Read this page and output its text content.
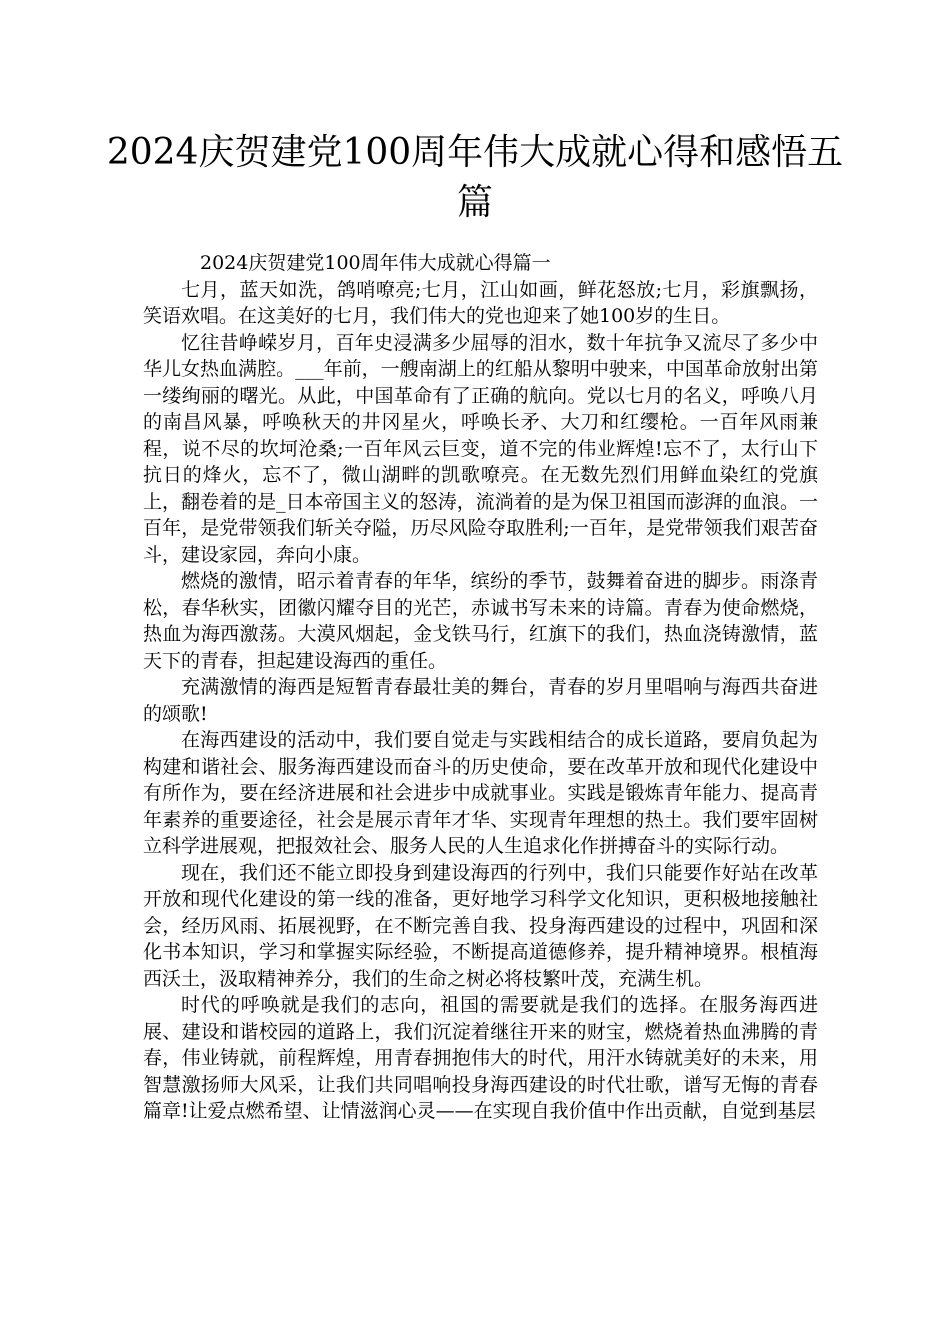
2024庆贺建党100周年伟大成就心得和感悟五篇

2024庆贺建党100周年伟大成就心得篇一

七月，蓝天如洗，鸽哨嘹亮;七月，江山如画，鲜花怒放;七月，彩旗飘扬，笑语欢唱。在这美好的七月，我们伟大的党也迎来了她100岁的生日。

忆往昔峥嵘岁月，百年史浸满多少屈辱的泪水，数十年抗争又流尽了多少中华儿女热血满腔。___年前，一艘南湖上的红船从黎明中驶来，中国革命放射出第一缕绚丽的曙光。从此，中国革命有了正确的航向。党以七月的名义，呼唤八月的南昌风暴，呼唤秋天的井冈星火，呼唤长矛、大刀和红缨枪。一百年风雨兼程，说不尽的坎坷沧桑;一百年风云巨变，道不完的伟业辉煌!忘不了，太行山下抗日的烽火，忘不了，微山湖畔的凯歌嘹亮。在无数先烈们用鲜血染红的党旗上，翻卷着的是_日本帝国主义的怒涛，流淌着的是为保卫祖国而澎湃的血浪。一百年，是党带领我们斩关夺隘，历尽风险夺取胜利;一百年，是党带领我们艰苦奋斗，建设家园，奔向小康。

燃烧的激情，昭示着青春的年华，缤纷的季节，鼓舞着奋进的脚步。雨涤青松，春华秋实，团徽闪耀夺目的光芒，赤诚书写未来的诗篇。青春为使命燃烧，热血为海西激荡。大漠风烟起，金戈铁马行，红旗下的我们，热血浇铸激情，蓝天下的青春，担起建设海西的重任。

充满激情的海西是短暂青春最壮美的舞台，青春的岁月里唱响与海西共奋进的颂歌!

在海西建设的活动中，我们要自觉走与实践相结合的成长道路，要肩负起为构建和谐社会、服务海西建设而奋斗的历史使命，要在改革开放和现代化建设中有所作为，要在经济进展和社会进步中成就事业。实践是锻炼青年能力、提高青年素养的重要途径，社会是展示青年才华、实现青年理想的热土。我们要牢固树立科学进展观，把报效社会、服务人民的人生追求化作拼搏奋斗的实际行动。

现在，我们还不能立即投身到建设海西的行列中，我们只能要作好站在改革开放和现代化建设的第一线的准备，更好地学习科学文化知识，更积极地接触社会，经历风雨、拓展视野，在不断完善自我、投身海西建设的过程中，巩固和深化书本知识，学习和掌握实际经验，不断提高道德修养，提升精神境界。根植海西沃土，汲取精神养分，我们的生命之树必将枝繁叶茂，充满生机。

时代的呼唤就是我们的志向，祖国的需要就是我们的选择。在服务海西进展、建设和谐校园的道路上，我们沉淀着继往开来的财宝，燃烧着热血沸腾的青春，伟业铸就，前程辉煌，用青春拥抱伟大的时代，用汗水铸就美好的未来，用智慧激扬师大风采，让我们共同唱响投身海西建设的时代壮歌，谱写无悔的青春篇章!让爱点燃希望、让情滋润心灵——在实现自我价值中作出贡献，自觉到基层
